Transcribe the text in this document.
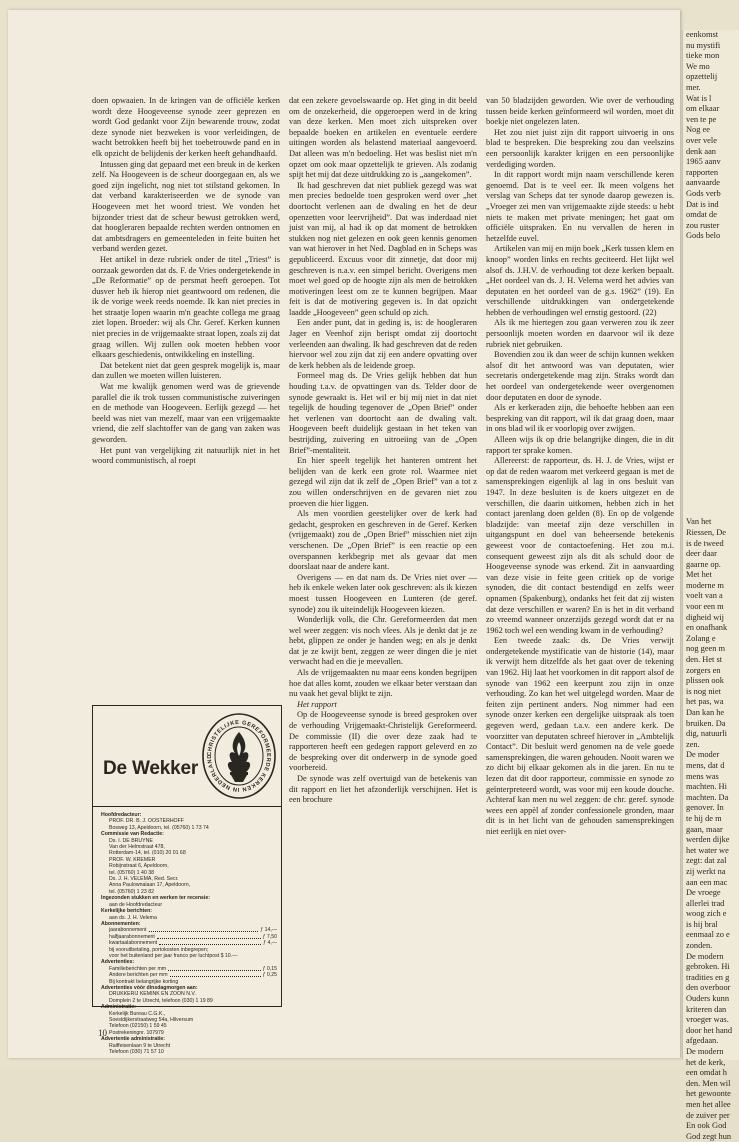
doen opwaaien. In de kringen van de officiële kerken wordt deze Hoogeveense synode zeer geprezen en wordt God gedankt voor Zijn bewarende trouw, zodat deze synode niet bezweken is voor verleidingen, de wacht betrokken heeft bij het toebetrouwde pand en in elk opzicht de belijdenis der kerken heeft gehandhaafd.

Intussen ging dat gepaard met een breuk in de kerken zelf. Na Hoogeveen is de scheur doorgegaan en, als we goed zijn ingelicht, nog niet tot stilstand gekomen. In dat verband karakteriseerden we de synode van Hoogeveen met het woord triest. We vonden het bijzonder triest dat de scheur bewust getrokken werd, dat hoogleraren bepaalde rechten werden ontnomen en dat ambtsdragers en gemeenteleden in feite buiten het verband werden gezet.

Het artikel in deze rubriek onder de titel „Triest” is oorzaak geworden dat ds. F. de Vries ondergetekende in „De Reformatie” op de persmat heeft geroepen. Tot dusver heb ik hierop niet geantwoord om redenen, die ik de vorige week reeds noemde. Ik kan niet precies in het straatje lopen waarin m'n geachte collega me graag ziet lopen. Broeder: wij als Chr. Geref. Kerken kunnen niet precies in de vrijgemaakte straat lopen, zoals zij dat graag willen. Wij zullen ook moeten hebben voor elkaars geschiedenis, ontwikkeling en instelling.

Dat betekent niet dat geen gesprek mogelijk is, maar dan zullen we moeten willen luisteren.

Wat me kwalijk genomen werd was de grievende parallel die ik trok tussen communistische zuiveringen en de methode van Hoogeveen. Eerlijk gezegd — het beeld was niet van mezelf, maar van een vrijgemaakte vriend, die zelf slachtoffer van de gang van zaken was geworden.

Het punt van vergelijking zit natuurlijk niet in het woord communistisch, al roept

dat een zekere gevoelswaarde op. Het ging in dit beeld om de onzekerheid, die opgeroepen werd in de kring van deze kerken. Men moet zich uitspreken over bepaalde boeken en artikelen en eventuele eerdere uitingen worden als belastend materiaal aangevoerd. Dat alleen was m'n bedoeling. Het was beslist niet m'n opzet om ook maar opzettelijk te grieven. Als zodanig spijt het mij dat deze uitdrukking zo is „aangekomen”.

Ik had geschreven dat niet publiek gezegd was wat men precies bedoelde toen gesproken werd over „het doortocht verlenen aan de dwaling en het de deur openzetten voor leervrijheid”. Dat was inderdaad niet juist van mij, al had ik op dat moment de betrokken stukken nog niet gelezen en ook geen kennis genomen van wat hierover in het Ned. Dagblad en in Scheps was gepubliceerd. Excuus voor dit zinnetje, dat door mij geschreven is n.a.v. een simpel bericht. Overigens men moet wel goed op de hoogte zijn als men de betrokken motiveringen leest om ze te kunnen begrijpen. Maar feit is dat de motivering gegeven is. In dat opzicht laadde „Hoogeveen” geen schuld op zich.

Een ander punt, dat in geding is, is: de hoogleraren Jager en Veenhof zijn berispt omdat zij doortocht verleenden aan dwaling. Ik had geschreven dat de reden hiervoor wel zou zijn dat zij een andere opvatting over de kerk hebben als de leidende groep.

Formeel mag ds. De Vries gelijk hebben dat hun houding t.a.v. de opvattingen van ds. Telder door de synode gewraakt is. Het wil er bij mij niet in dat niet tegelijk de houding tegenover de „Open Brief” onder het verlenen van doortocht aan de dwaling valt. Hoogeveen beeft duidelijk gestaan in het teken van bestrijding, zuivering en uitroeiing van de „Open Brief”-mentaliteit.

En hier speelt tegelijk het hanteren omtrent het belijden van de kerk een grote rol. Waarmee niet gezegd wil zijn dat ik zelf de „Open Brief” van a tot z zou willen onderschrijven en de gevaren niet zou proeven die hier liggen.

Als men voordien geestelijker over de kerk had gedacht, gesproken en geschreven in de Geref. Kerken (vrijgemaakt) zou de „Open Brief” misschien niet zijn verschenen. De „Open Brief” is een reactie op een overspannen kerkbegrip met als gevaar dat men doorslaat naar de andere kant.

Overigens — en dat nam ds. De Vries niet over — heb ik enkele weken later ook geschreven: als ik kiezen moest tussen Hoogeveen en Lunteren (de geref. synode) zou ik uiteindelijk Hoogeveen kiezen.

Wonderlijk volk, die Chr. Gereformeerden dat men wel weer zeggen: vis noch vlees. Als je denkt dat je ze hebt, glippen ze onder je handen weg; en als je denkt dat je ze kwijt bent, zeggen ze weer dingen die je niet verwacht had en die je meevallen.

Als de vrijgemaakten nu maar eens konden begrijpen hoe dat alles komt, zouden we elkaar beter verstaan dan nu vaak het geval blijkt te zijn.

Het rapport

Op de Hoogeveense synode is breed gesproken over de verhouding Vrijgemaakt-Christelijk Gereformeerd. De commissie (II) die over deze zaak had te rapporteren heeft een gedegen rapport geleverd en zo de bespreking over dit onderwerp in de synode goed voorbereid.

De synode was zelf overtuigd van de betekenis van dit rapport en liet het afzonderlijk verschijnen. Het is een brochure

van 50 bladzijden geworden. Wie over de verhouding tussen beide kerken geïnformeerd wil worden, moet dit boekje niet ongelezen laten.

Het zou niet juist zijn dit rapport uitvoerig in ons blad te bespreken. Die bespreking zou dan veelszins een persoonlijk karakter krijgen en een persoonlijke verdediging worden.

In dit rapport wordt mijn naam verschillende keren genoemd. Dat is te veel eer. Ik meen volgens het verslag van Scheps dat ter synode daarop gewezen is. „Vroeger zei men van vrijgemaakte zijde steeds: u hebt niets te maken met private meningen; het gaat om officiële uitspraken. En nu vervallen de heren in hetzelfde euvel.

Artikelen van mij en mijn boek „Kerk tussen klem en knoop” worden links en rechts geciteerd. Het lijkt wel alsof ds. J.H.V. de verhouding tot deze kerken bepaalt. „Het oordeel van ds. J. H. Velema werd het advies van deputaten en het oordeel van de g.s. 1962” (19). En verschillende uitdrukkingen van ondergetekende hebben de verhoudingen wel ernstig gestoord. (22)

Als ik me hiertegen zou gaan verweren zou ik zeer persoonlijk moeten worden en daarvoor wil ik deze rubriek niet gebruiken.

Bovendien zou ik dan weer de schijn kunnen wekken alsof dit het antwoord was van deputaten, wier secretaris ondergetekende mag zijn. Straks wordt dan het oordeel van ondergetekende weer overgenomen door deputaten en door de synode.

Als er kerkeraden zijn, die behoefte hebben aan een bespreking van dit rapport, wil ik dat graag doen, maar in ons blad wil ik er voorlopig over zwijgen.

Alleen wijs ik op drie belangrijke dingen, die in dit rapport ter sprake komen.

Allereerst: de rapporteur, ds. H. J. de Vries, wijst er op dat de reden waarom met verkeerd gegaan is met de samensprekingen eigenlijk al lag in ons besluit van 1947. In deze besluiten is de koers uitgezet en de verschillen, die daarin uitkomen, hebben zich in het contact jarenlang doen gelden (8). En op de volgende bladzijde: van meetaf zijn deze verschillen in uitgangspunt en doel van beheersende betekenis geweest voor de contactoefening. Het zou m.i. consequent geweest zijn als dit als schuld door de Hoogeveense synode was erkend. Zit in aanvaarding van deze visie in feite geen critiek op de vorige synoden, die dit contact bestendigd en zelfs weer opnamen (Spakenburg), ondanks het feit dat zij wisten dat deze verschillen er waren? En is het in dit verband zo vreemd wanneer onzerzijds gezegd wordt dat er na 1962 toch wel een wending kwam in de verhouding?

Een tweede zaak: ds. De Vries verwijt ondergetekende mystificatie van de historie (14), maar ik verwijt hem ditzelfde als het gaat over de tekening van 1962. Hij laat het voorkomen in dit rapport alsof de synode van 1962 een keerpunt zou zijn in onze verhouding. Zo kan het wel uitgelegd worden. Maar de feiten zijn pertinent anders. Nog nimmer had een synode onzer kerken een dergelijke uitspraak als toen gegeven werd, gedaan t.a.v. een andere kerk. De voorzitter van deputaten schreef hierover in „Ambtelijk Contact”. Dit besluit werd genomen na de vele goede samensprekingen, die waren gehouden. Nooit waren we zo dicht bij elkaar gekomen als in die jaren. En nu te lezen dat dit door rapporteur, commissie en synode zo geïnterpreteerd wordt, was voor mij een koude douche. Achteraf kan men nu wel zeggen: de chr. geref. synode wees een appèl af zonder confessionele gronden, maar dit is in het licht van de gehouden samensprekingen niet eerlijk en niet over-

De Wekker
CHRISTELIJKE GEREFORMEERDE KERKEN IN NEDERLAND
Hoofdredacteur:
PROF. DR. B. J. OOSTERHOFF
Bosweg 13, Apeldoorn, tel. (05760) 1 73 74
Commissie van Redactie:
Ds. I. DE BRUYNE
Van der Helmstraat 478,
Rotterdam-14, tel. (010) 20 01 68
PROF. W. KREMER
Robijnstraat 6, Apeldoorn,
tel. (05760) 1 40 38
Ds. J. H. VELEMA, Red. Secr.
Anna Paulownalaan 17, Apeldoorn,
tel. (05760) 1 23 82
Ingezonden stukken en werken ter recensie:
aan de Hoofdredacteur
Kerkelijke berichten:
aan ds. J. H. Velema
Abonnementen:
jaarabonnement	ƒ 14,—
halfjaarabonnement	ƒ 7,50
kwartaalabonnement	ƒ 4,—
bij vooruitbetaling, portokosten inbegrepen;
voor het buitenland per jaar franco per luchtpost $ 10.—
Advertenties:
Familieberichten per mm	ƒ 0,15
Andere berichten per mm	ƒ 0,25
Bij kontrakt belangrijke korting
Advertenties vóór dinsdagmorgen aan:
DRUKKERIJ KEMINK EN ZOON N.V.
Domplein 2 te Utrecht, telefoon (030) 1 19 89
Administratie:
Kerkelijk Bureau C.G.K.,
Soestdijkerstraatweg 54a, Hilversum
Telefoon (02150) 1 59 45
Postrekeningnr. 107979
Advertentie administratie:
Raiffeisenlaan 9 te Utrecht
Telefoon (030) 71 57 10
10
eenkomst
nu mystifi
tieke mon
We mo
opzettelij
mer.
Wat is l
om elkaar
ven te pe
Nog ee
over vele
denk aan
1965 aanv
rapporten
aanvaarde
Gods verb
Dat is ind
omdat de
zou ruster
Gods belo

Van het
Riessen, De
is de tweed
deer daar
gaarne op.
Met het
moderne m
voelt van a
voor een m
digheid wij
en onafhank
Zolang e
nog geen m
den. Het st
zorgers en
plissen ook
is nog niet
het pas, wa
Dan kan he
bruiken. Da
dig, natuurli
zen.
De moder
mens, dat d
mens was
machten. Hi
machten. Da
genover. In
te hij de m
gaan, maar
werden dijke
het water we
zegt: dat zal
zij werkt na
aan een mac
De vroege
allerlei trad
woog zich e
is hij bral
eenmaal zo e
zonden.
De modern
gebroken. Hi
tradities en g
den overboor
Ouders kunn
kriteren dan
vroeger was.
door het hand
afgedaan.
De modern
het de kerk,
een omdat h
den. Men wil
het gewoonte
men het allee
de zuiver per
En ook God
God zegt hun
